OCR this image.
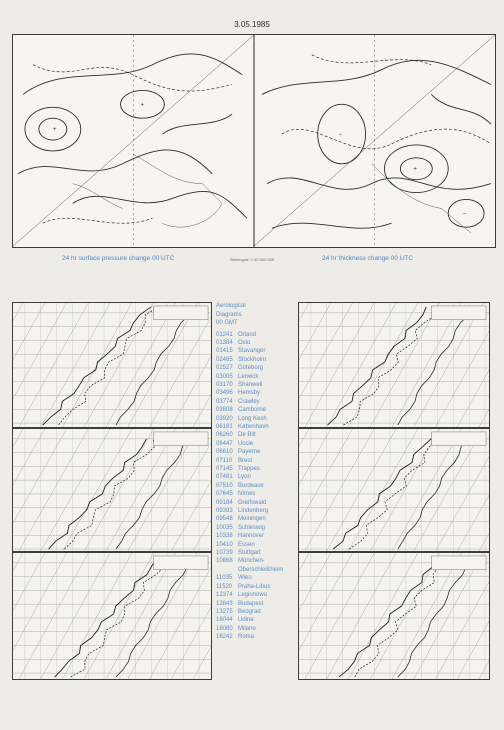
3.05.1985
+
+
+
−
−
Stereograf. 1:40 000 000
24 hr surface pressure change 00 UTC	24 hr thickness change 00 UTC
Aerological
Diagrams
00 GMT
01241 Orland
01384 Oslo
01415 Stavanger
02465 Stockholm
02527 Goteborg
03005 Lerwick
03170 Shanwell
03496 Hemsby
03774 Crawley
03808 Camborne
03920 Long Kesh
06181 København
06260 De Bilt
06447 Uccle
06610 Payerne
07110 Brest
07145 Trappes
07481 Lyon
07510 Bordeaux
07645 Nîmes
09184 Greifswald
09393 Lindenberg
09548 Meiningen
10035 Schleswig
10338 Hannover
10410 Essen
10739 Stuttgart
10868 München-
Oberschleißheim
11035 Wien
11520 Praha-Libus
12374 Legionowo
12843 Budapest
13275 Beograd
16044 Udine
16080 Milano
16242 Roma
